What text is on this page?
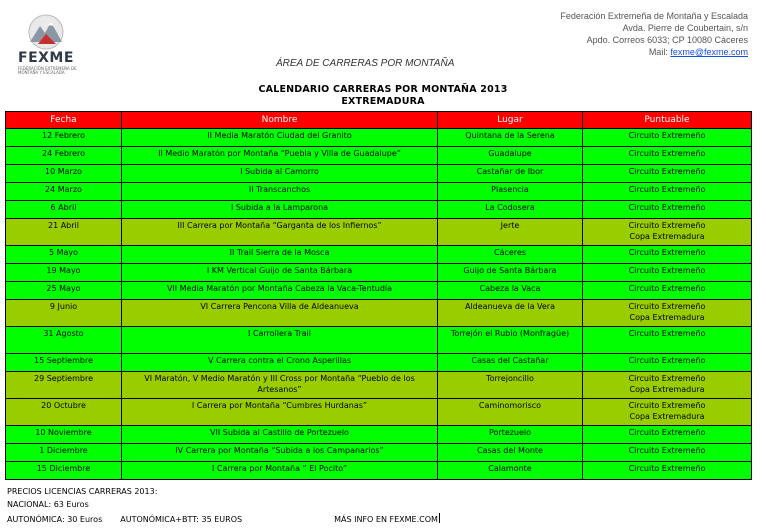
FEXME
FEDERACIÓN EXTREMEÑA DE MONTAÑA Y ESCALADA
ÁREA DE CARRERAS POR MONTAÑA
Federación Extremeña de Montaña y Escalada
Avda. Pierre de Coubertain, s/n
Apdo. Correos 6033; CP 10080 Cáceres
Mail: fexme@fexme.com
CALENDARIO CARRERAS POR MONTAÑA 2013
EXTREMADURA
Fecha	Nombre	Lugar	Puntuable
12 Febrero	II Media Maratón Ciudad del Granito	Quintana de la Serena	Circuito Extremeño

24 Febrero	II Medio Maratón por Montaña “Puebla y Villa de Guadalupe”	Guadalupe	Circuito Extremeño

10 Marzo	I Subida al Camorro	Castañar de Ibor	Circuito Extremeño

24 Marzo	II Transcanchos	Plasencia	Circuito Extremeño

6 Abril	I Subida a la Lamparona	La Codosera	Circuito Extremeño

21 Abril	III Carrera por Montaña “Garganta de los Infiernos”	Jerte	Circuito Extremeño
Copa Extremadura

5 Mayo	II Trail Sierra de la Mosca	Cáceres	Circuito Extremeño

19 Mayo	I KM Vertical Guijo de Santa Bárbara	Guijo de Santa Bárbara	Circuito Extremeño

25 Mayo	VII Media Maratón por Montaña Cabeza la Vaca-Tentudía	Cabeza la Vaca	Circuito Extremeño

9 Junio	VI Carrera Pencona Villa de Aldeanueva	Aldeanueva de la Vera	Circuito Extremeño
Copa Extremadura

31 Agosto	I Carrollera Trail	Torrejón el Rubio (Monfragüe)	Circuito Extremeño

15 Septiembre	V Carrera contra el Crono Asperillas	Casas del Castañar	Circuito Extremeño

29 Septiembre	VI Maratón, V Medio Maratón y III Cross por Montaña “Pueblo de los Artesanos”	Torrejoncillo	Circuito Extremeño
Copa Extremadura

20 Octubre	I Carrera por Montaña “Cumbres Hurdanas”	Caminomorisco	Circuito Extremeño
Copa Extremadura

10 Noviembre	VII Subida al Castillo de Portezuelo	Portezuelo	Circuito Extremeño

1 Diciembre	IV Carrera por Montaña “Subida a los Campanarios”	Casas del Monte	Circuito Extremeño

15 Diciembre	I Carrera por Montaña “ El Pocito”	Calamonte	Circuito Extremeño
PRECIOS LICENCIAS CARRERAS 2013:
NACIONAL: 63 Euros
AUTONÓMICA: 30 Euros AUTONÓMICA+BTT: 35 EUROS	MÁS INFO EN FEXME.COM
